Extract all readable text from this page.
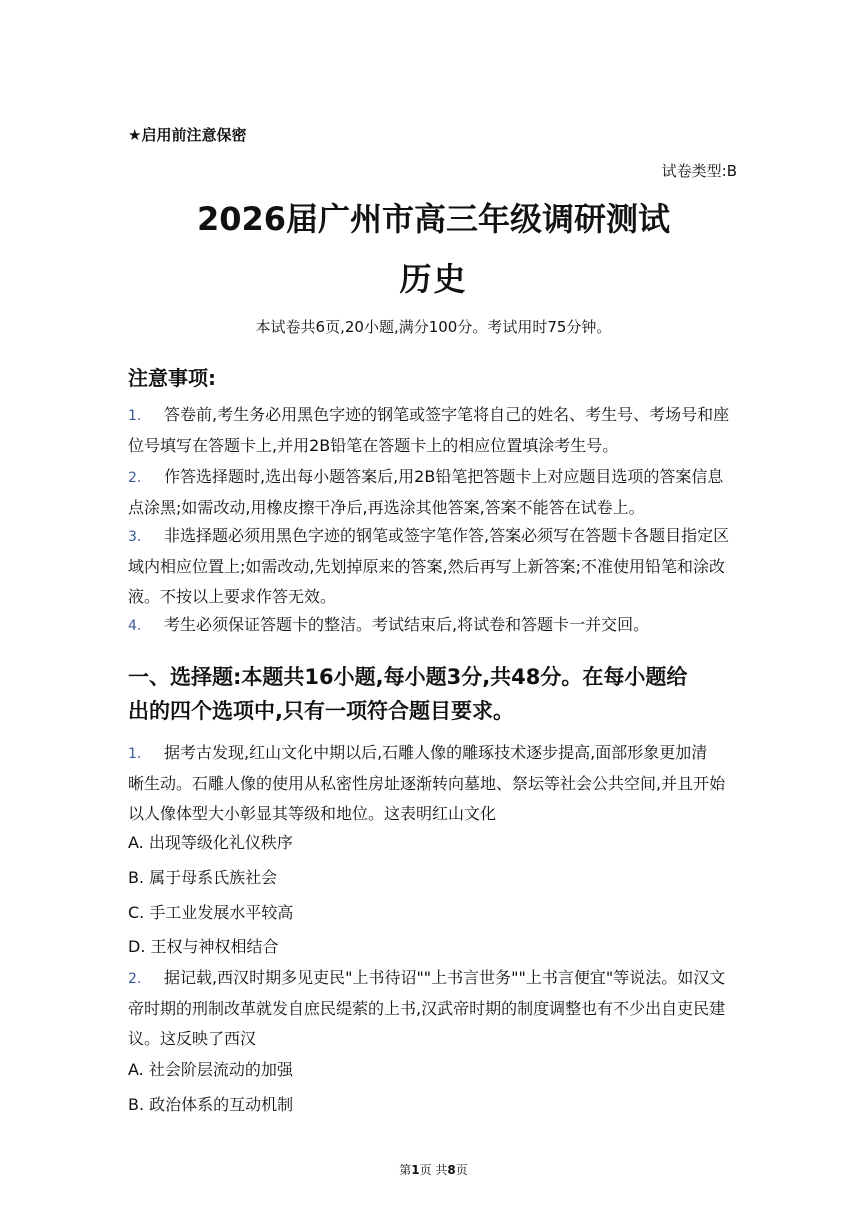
★启用前注意保密
试卷类型:B
2026届广州市高三年级调研测试
历史
本试卷共6页,20小题,满分100分。考试用时75分钟。
注意事项:
1. 答卷前,考生务必用黑色字迹的钢笔或签字笔将自己的姓名、考生号、考场号和座
位号填写在答题卡上,并用2B铅笔在答题卡上的相应位置填涂考生号。
2. 作答选择题时,选出每小题答案后,用2B铅笔把答题卡上对应题目选项的答案信息
点涂黑;如需改动,用橡皮擦干净后,再选涂其他答案,答案不能答在试卷上。
3. 非选择题必须用黑色字迹的钢笔或签字笔作答,答案必须写在答题卡各题目指定区
域内相应位置上;如需改动,先划掉原来的答案,然后再写上新答案;不准使用铅笔和涂改
液。不按以上要求作答无效。
4. 考生必须保证答题卡的整洁。考试结束后,将试卷和答题卡一并交回。
一、选择题:本题共16小题,每小题3分,共48分。在每小题给
出的四个选项中,只有一项符合题目要求。
1. 据考古发现,红山文化中期以后,石雕人像的雕琢技术逐步提高,面部形象更加清
晰生动。石雕人像的使用从私密性房址逐渐转向墓地、祭坛等社会公共空间,并且开始
以人像体型大小彰显其等级和地位。这表明红山文化
A. 出现等级化礼仪秩序
B. 属于母系氏族社会
C. 手工业发展水平较高
D. 王权与神权相结合
2. 据记载,西汉时期多见吏民"上书待诏""上书言世务""上书言便宜"等说法。如汉文
帝时期的刑制改革就发自庶民缇萦的上书,汉武帝时期的制度调整也有不少出自吏民建
议。这反映了西汉
A. 社会阶层流动的加强
B. 政治体系的互动机制
第1页 共8页
